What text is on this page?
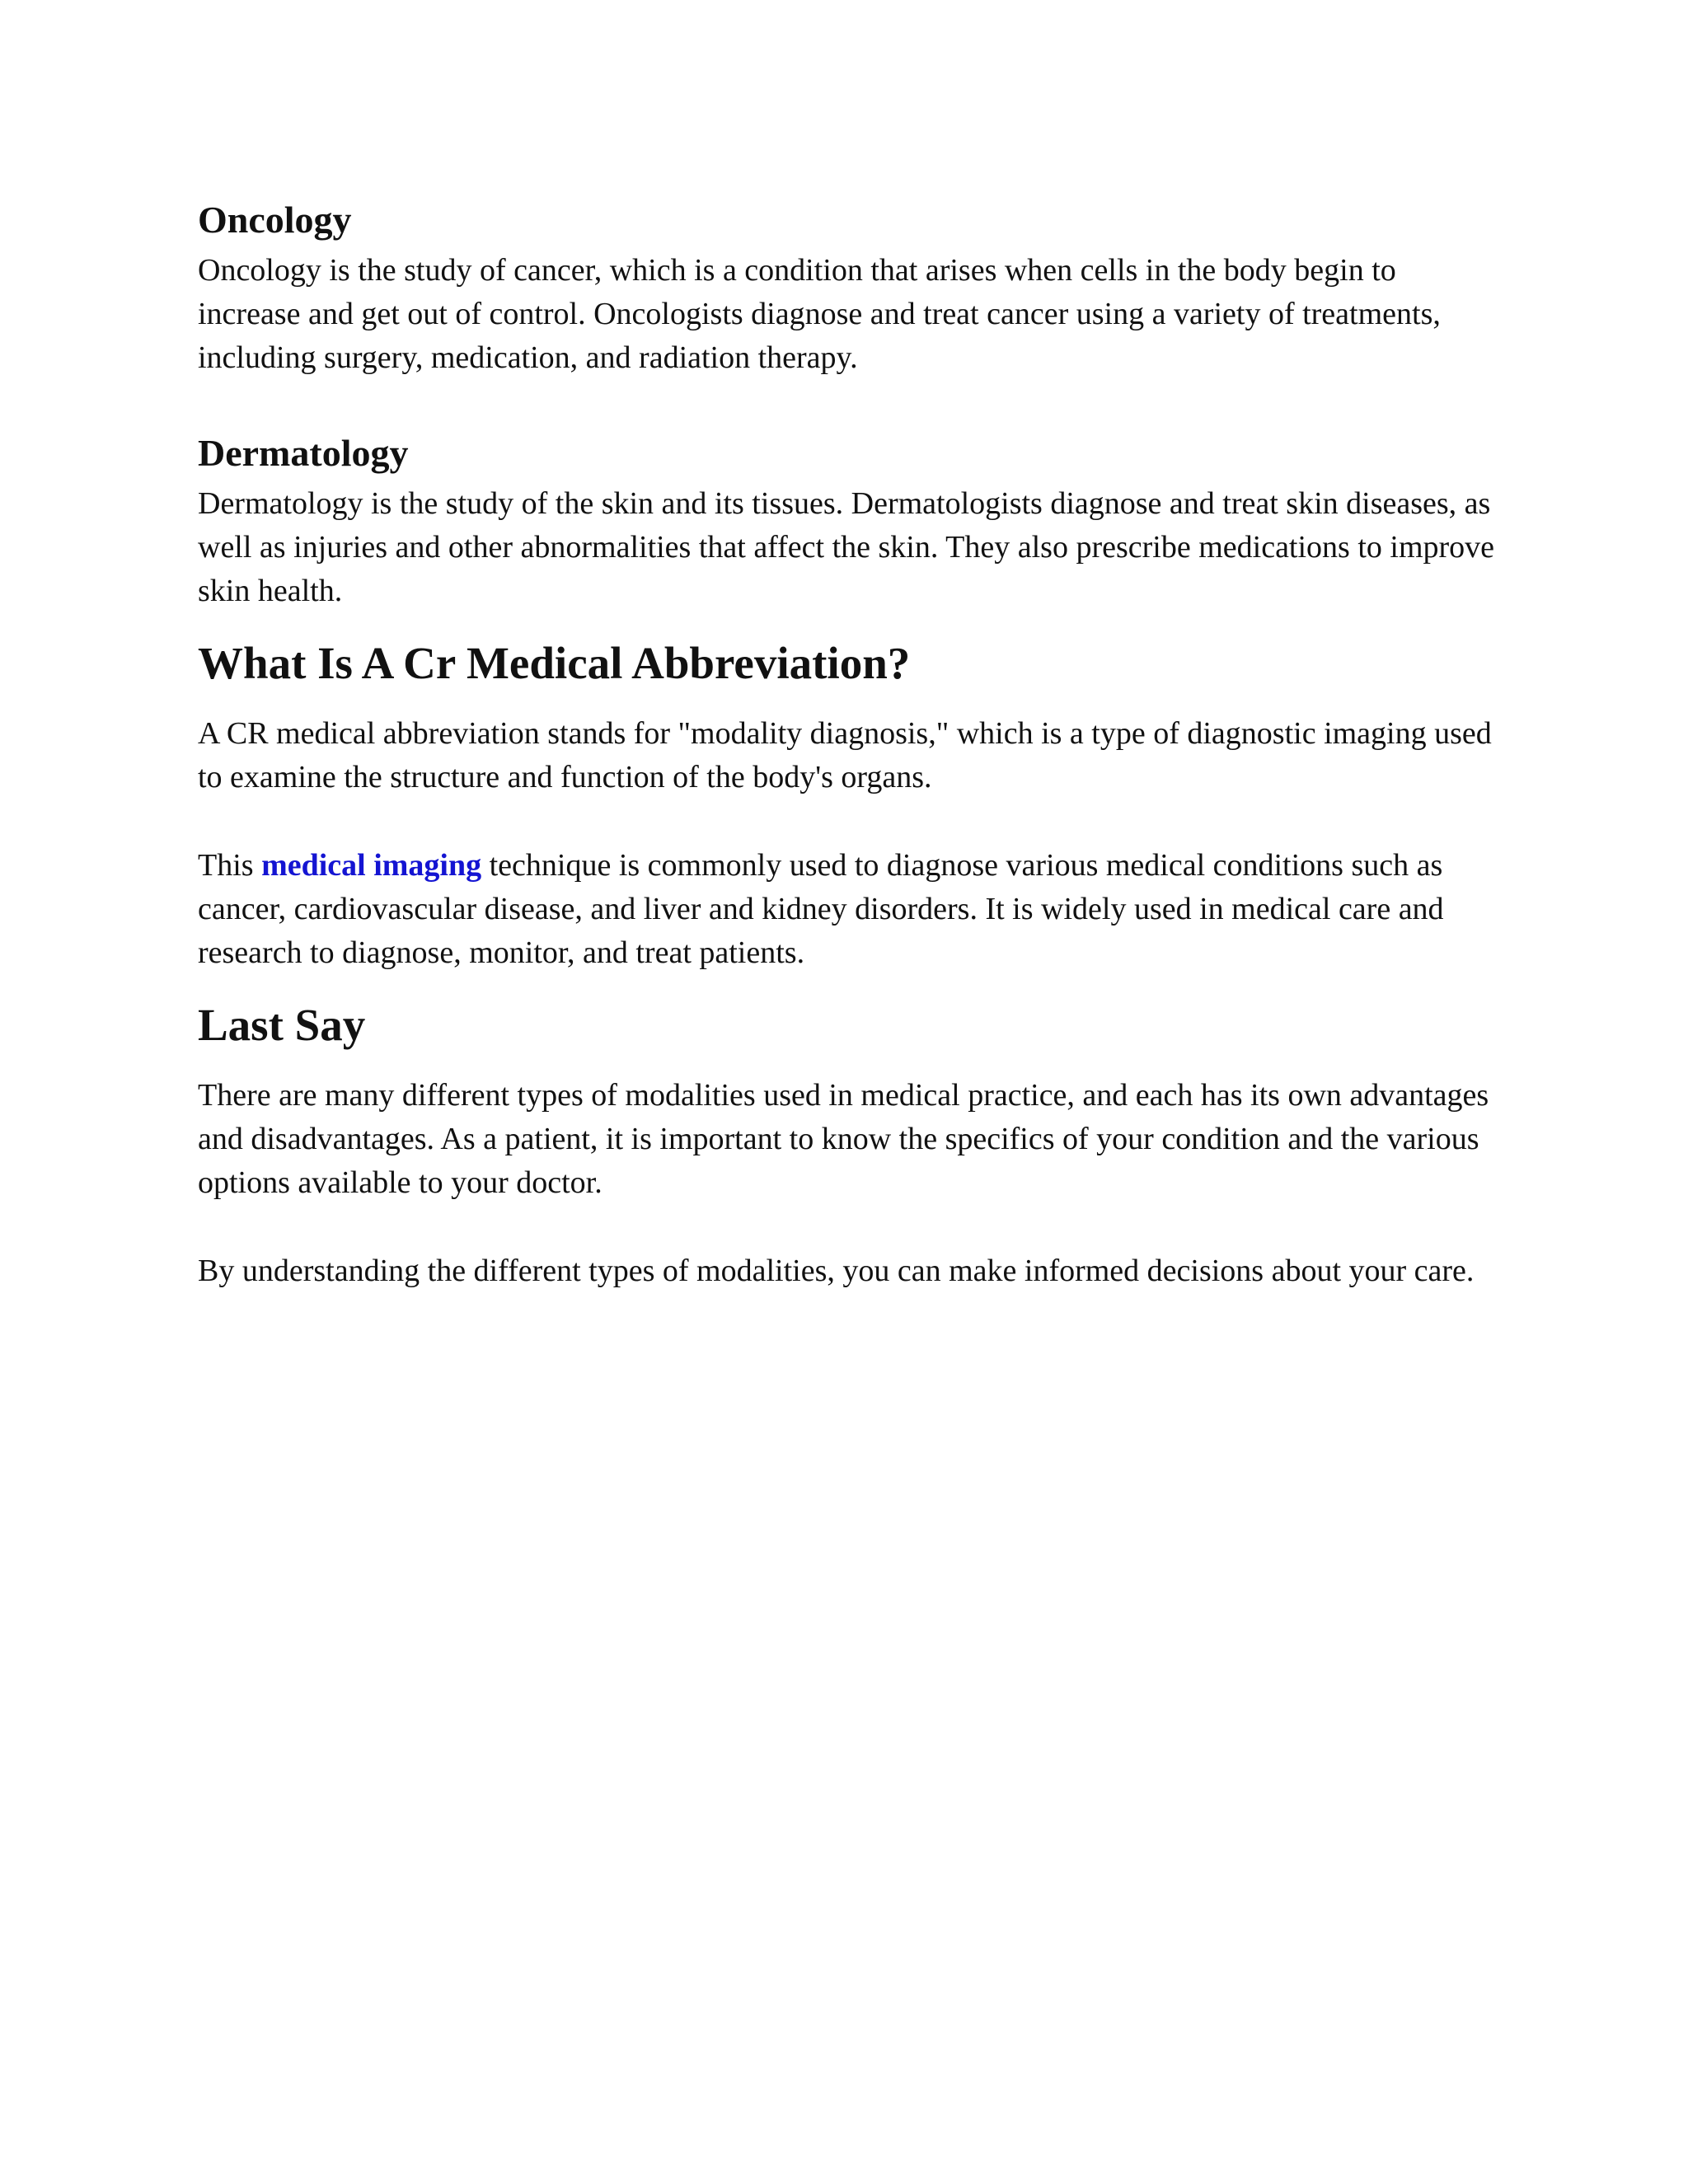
Oncology

Oncology is the study of cancer, which is a condition that arises when cells in the body begin to increase and get out of control. Oncologists diagnose and treat cancer using a variety of treatments, including surgery, medication, and radiation therapy.

Dermatology

Dermatology is the study of the skin and its tissues. Dermatologists diagnose and treat skin diseases, as well as injuries and other abnormalities that affect the skin. They also prescribe medications to improve skin health.

What Is A Cr Medical Abbreviation?

A CR medical abbreviation stands for "modality diagnosis," which is a type of diagnostic imaging used to examine the structure and function of the body's organs.

This medical imaging technique is commonly used to diagnose various medical conditions such as cancer, cardiovascular disease, and liver and kidney disorders. It is widely used in medical care and research to diagnose, monitor, and treat patients.

Last Say

There are many different types of modalities used in medical practice, and each has its own advantages and disadvantages. As a patient, it is important to know the specifics of your condition and the various options available to your doctor.

By understanding the different types of modalities, you can make informed decisions about your care.
